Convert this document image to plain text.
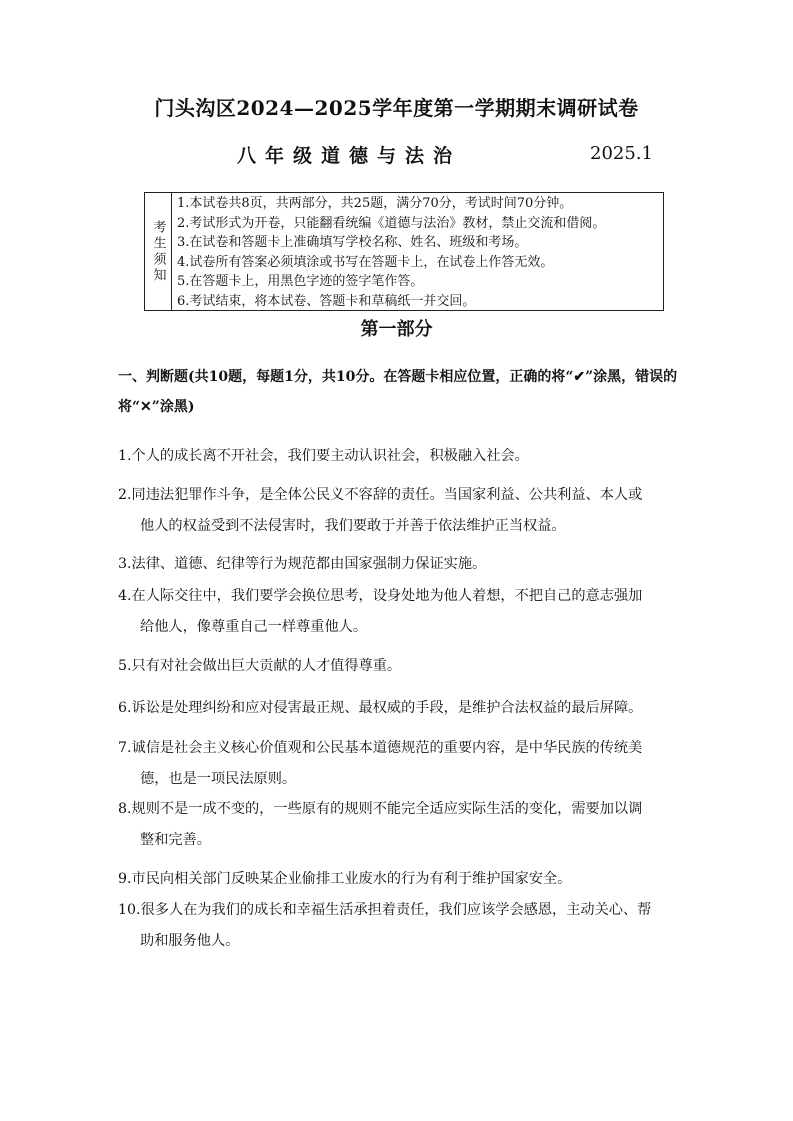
门头沟区2024—2025学年度第一学期期末调研试卷
八年级道德与法治	2025.1
考生须知
1.本试卷共8页，共两部分，共25题，满分70分，考试时间70分钟。
2.考试形式为开卷，只能翻看统编《道德与法治》教材，禁止交流和借阅。
3.在试卷和答题卡上准确填写学校名称、姓名、班级和考场。
4.试卷所有答案必须填涂或书写在答题卡上，在试卷上作答无效。
5.在答题卡上，用黑色字迹的签字笔作答。
6.考试结束，将本试卷、答题卡和草稿纸一并交回。
第一部分
一、判断题(共10题，每题1分，共10分。在答题卡相应位置，正确的将“✔”涂黑，错误的将“✕”涂黑)
1.个人的成长离不开社会，我们要主动认识社会，积极融入社会。
2.同违法犯罪作斗争，是全体公民义不容辞的责任。当国家利益、公共利益、本人或
他人的权益受到不法侵害时，我们要敢于并善于依法维护正当权益。
3.法律、道德、纪律等行为规范都由国家强制力保证实施。
4.在人际交往中，我们要学会换位思考，设身处地为他人着想，不把自己的意志强加
给他人，像尊重自己一样尊重他人。
5.只有对社会做出巨大贡献的人才值得尊重。
6.诉讼是处理纠纷和应对侵害最正规、最权威的手段，是维护合法权益的最后屏障。
7.诚信是社会主义核心价值观和公民基本道德规范的重要内容，是中华民族的传统美
德，也是一项民法原则。
8.规则不是一成不变的，一些原有的规则不能完全适应实际生活的变化，需要加以调
整和完善。
9.市民向相关部门反映某企业偷排工业废水的行为有利于维护国家安全。
10.很多人在为我们的成长和幸福生活承担着责任，我们应该学会感恩，主动关心、帮
助和服务他人。
